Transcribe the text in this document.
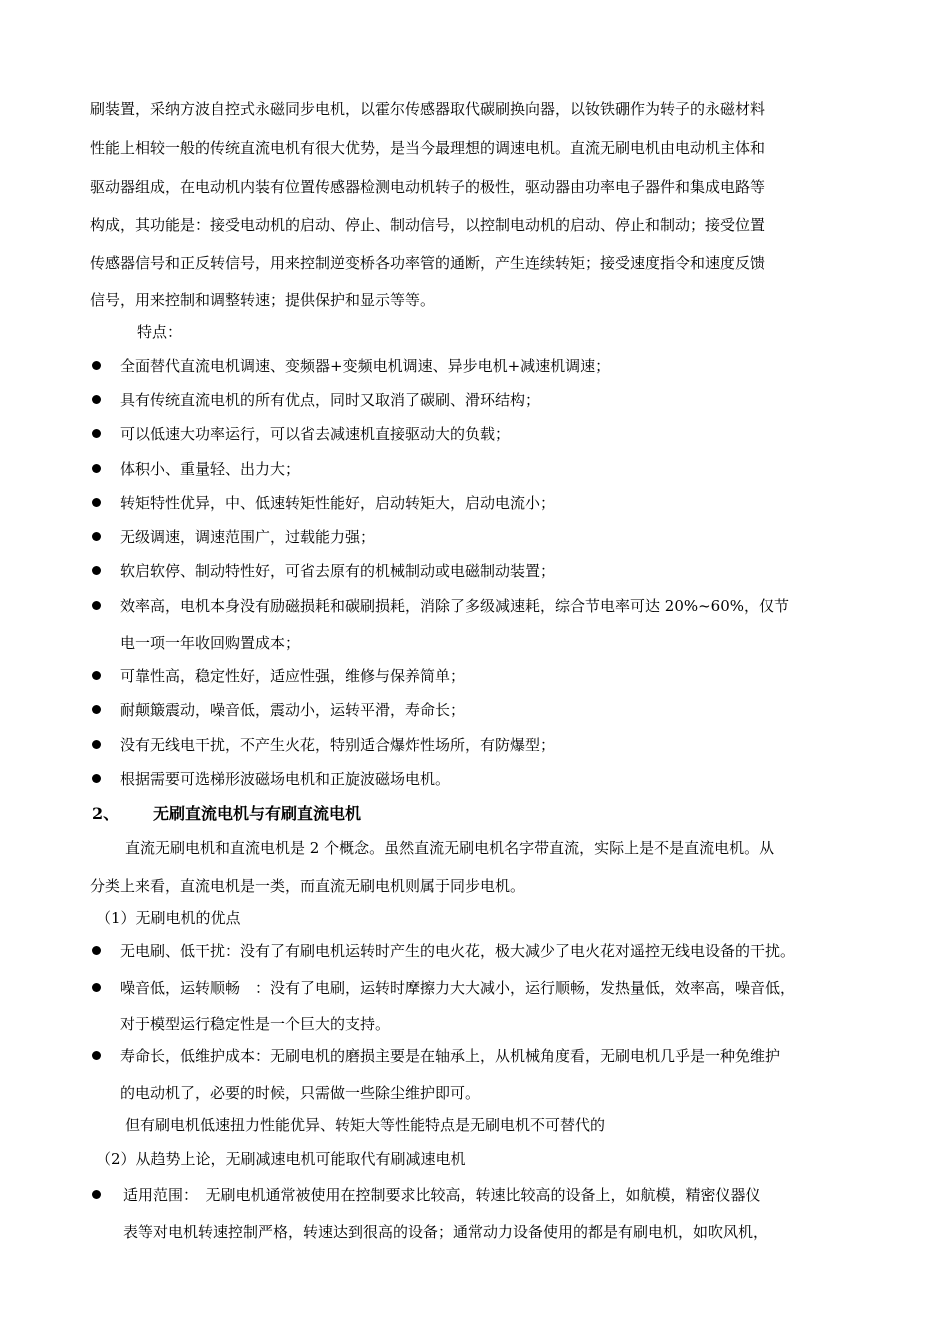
刷装置，采纳方波自控式永磁同步电机，以霍尔传感器取代碳刷换向器，以钕铁硼作为转子的永磁材料
性能上相较一般的传统直流电机有很大优势，是当今最理想的调速电机。直流无刷电机由电动机主体和
驱动器组成，在电动机内装有位置传感器检测电动机转子的极性，驱动器由功率电子器件和集成电路等
构成，其功能是：接受电动机的启动、停止、制动信号，以控制电动机的启动、停止和制动；接受位置
传感器信号和正反转信号，用来控制逆变桥各功率管的通断，产生连续转矩；接受速度指令和速度反馈
信号，用来控制和调整转速；提供保护和显示等等。
特点：
全面替代直流电机调速、变频器+变频电机调速、异步电机+减速机调速；
具有传统直流电机的所有优点，同时又取消了碳刷、滑环结构；
可以低速大功率运行，可以省去减速机直接驱动大的负载；
体积小、重量轻、出力大；
转矩特性优异，中、低速转矩性能好，启动转矩大，启动电流小；
无级调速，调速范围广，过载能力强；
软启软停、制动特性好，可省去原有的机械制动或电磁制动装置；
效率高，电机本身没有励磁损耗和碳刷损耗，消除了多级减速耗，综合节电率可达 20%~60%，仅节
电一项一年收回购置成本；
可靠性高，稳定性好，适应性强，维修与保养简单；
耐颠簸震动，噪音低，震动小，运转平滑，寿命长；
没有无线电干扰，不产生火花，特别适合爆炸性场所，有防爆型；
根据需要可选梯形波磁场电机和正旋波磁场电机。
2、 无刷直流电机与有刷直流电机
直流无刷电机和直流电机是 2 个概念。虽然直流无刷电机名字带直流，实际上是不是直流电机。从
分类上来看，直流电机是一类，而直流无刷电机则属于同步电机。
（1）无刷电机的优点
无电刷、低干扰：没有了有刷电机运转时产生的电火花，极大减少了电火花对遥控无线电设备的干扰。
噪音低，运转顺畅　：没有了电刷，运转时摩擦力大大减小，运行顺畅，发热量低，效率高，噪音低，
对于模型运行稳定性是一个巨大的支持。
寿命长，低维护成本：无刷电机的磨损主要是在轴承上，从机械角度看，无刷电机几乎是一种免维护
的电动机了，必要的时候，只需做一些除尘维护即可。
但有刷电机低速扭力性能优异、转矩大等性能特点是无刷电机不可替代的
（2）从趋势上论，无刷减速电机可能取代有刷减速电机
适用范围：　无刷电机通常被使用在控制要求比较高，转速比较高的设备上，如航模，精密仪器仪
表等对电机转速控制严格，转速达到很高的设备；通常动力设备使用的都是有刷电机，如吹风机，
